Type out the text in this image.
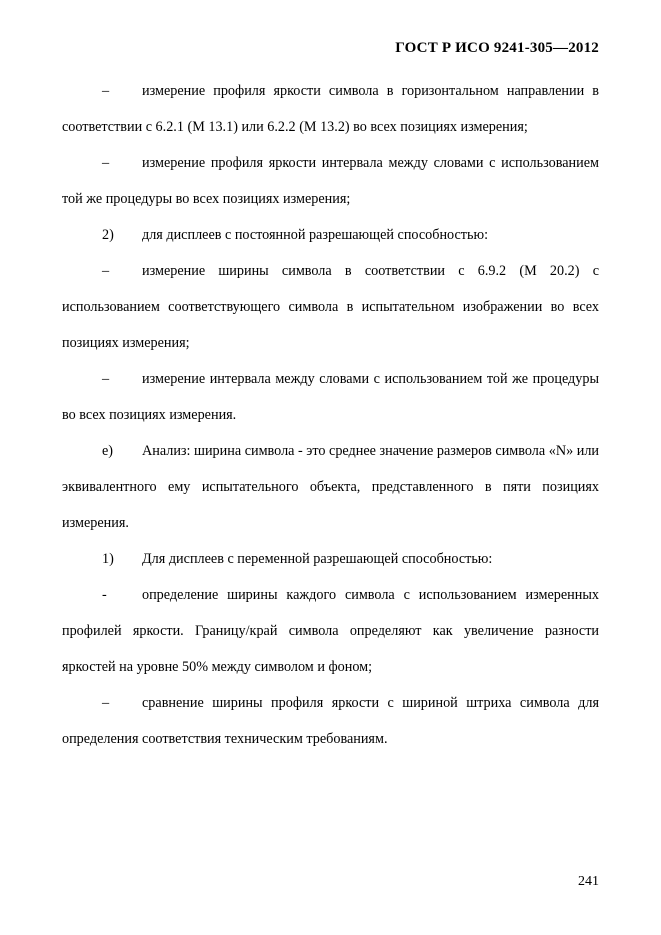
ГОСТ Р ИСО 9241-305—2012

– измерение профиля яркости символа в горизонтальном направлении в соответствии с 6.2.1 (М 13.1) или 6.2.2 (М 13.2) во всех позициях измерения;

– измерение профиля яркости интервала между словами с использованием той же процедуры во всех позициях измерения;

2) для дисплеев с постоянной разрешающей способностью:

– измерение ширины символа в соответствии с 6.9.2 (М 20.2) с использованием соответствующего символа в испытательном изображении во всех позициях измерения;

– измерение интервала между словами с использованием той же процедуры во всех позициях измерения.

e) Анализ: ширина символа - это среднее значение размеров символа «N» или эквивалентного ему испытательного объекта, представленного в пяти позициях измерения.

1) Для дисплеев с переменной разрешающей способностью:

- определение ширины каждого символа с использованием измеренных профилей яркости. Границу/край символа определяют как увеличение разности яркостей на уровне 50% между символом и фоном;

– сравнение ширины профиля яркости с шириной штриха символа для определения соответствия техническим требованиям.

241
